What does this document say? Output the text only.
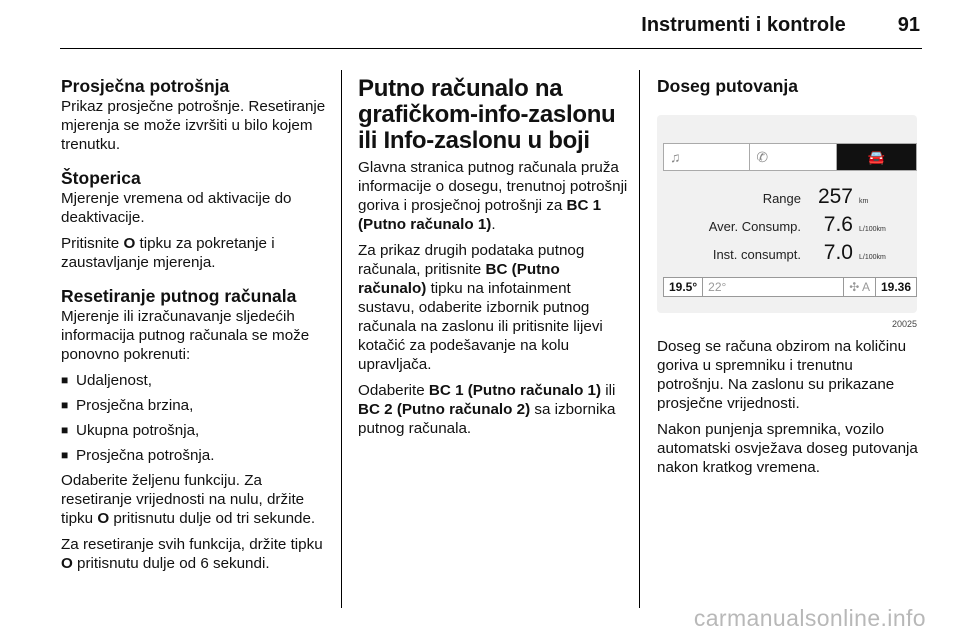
Instrumenti i kontrole	91
Prosječna potrošnja

Prikaz prosječne potrošnje. Resetiranje mjerenja se može izvršiti u bilo kojem trenutku.

Štoperica

Mjerenje vremena od aktivacije do deaktivacije.

Pritisnite O tipku za pokretanje i zaustavljanje mjerenja.

Resetiranje putnog računala

Mjerenje ili izračunavanje sljedećih informacija putnog računala se može ponovno pokrenuti:

■ Udaljenost,
■ Prosječna brzina,
■ Ukupna potrošnja,
■ Prosječna potrošnja.

Odaberite željenu funkciju. Za resetiranje vrijednosti na nulu, držite tipku O pritisnutu dulje od tri sekunde.

Za resetiranje svih funkcija, držite tipku O pritisnutu dulje od 6 sekundi.

Putno računalo na grafičkom-info-zaslonu ili Info-zaslonu u boji

Glavna stranica putnog računala pruža informacije o dosegu, trenutnoj potrošnji goriva i prosječnoj potrošnji za BC 1 (Putno računalo 1).

Za prikaz drugih podataka putnog računala, pritisnite BC (Putno računalo) tipku na infotainment sustavu, odaberite izbornik putnog računala na zaslonu ili pritisnite lijevi kotačić za podešavanje na kolu upravljača.

Odaberite BC 1 (Putno računalo 1) ili BC 2 (Putno računalo 2) sa izbornika putnog računala.

Doseg putovanja
♫	✆	🚘
Range 257 km
Aver. Consump.	7.6 L/100km
Inst. consumpt.	7.0 L/100km
19.5° 22°	✣ A 19.36
20025

Doseg se računa obzirom na količinu goriva u spremniku i trenutnu potrošnju. Na zaslonu su prikazane prosječne vrijednosti.

Nakon punjenja spremnika, vozilo automatski osvježava doseg putovanja nakon kratkog vremena.

carmanualsonline.info
